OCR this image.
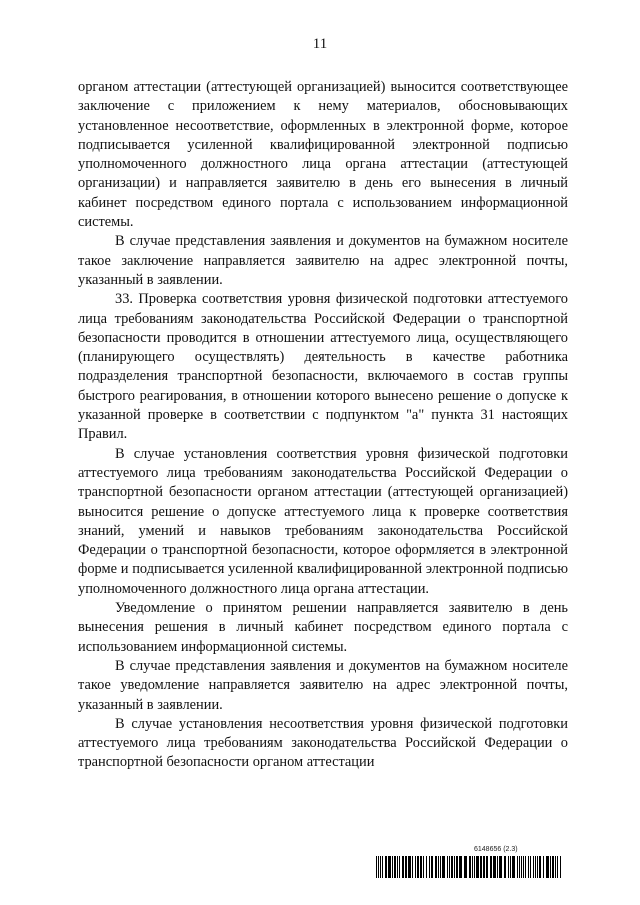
11

органом аттестации (аттестующей организацией) выносится соответствующее заключение с приложением к нему материалов, обосновывающих установленное несоответствие, оформленных в электронной форме, которое подписывается усиленной квалифицированной электронной подписью уполномоченного должностного лица органа аттестации (аттестующей организации) и направляется заявителю в день его вынесения в личный кабинет посредством единого портала с использованием информационной системы.

В случае представления заявления и документов на бумажном носителе такое заключение направляется заявителю на адрес электронной почты, указанный в заявлении.

33. Проверка соответствия уровня физической подготовки аттестуемого лица требованиям законодательства Российской Федерации о транспортной безопасности проводится в отношении аттестуемого лица, осуществляющего (планирующего осуществлять) деятельность в качестве работника подразделения транспортной безопасности, включаемого в состав группы быстрого реагирования, в отношении которого вынесено решение о допуске к указанной проверке в соответствии с подпунктом "а" пункта 31 настоящих Правил.

В случае установления соответствия уровня физической подготовки аттестуемого лица требованиям законодательства Российской Федерации о транспортной безопасности органом аттестации (аттестующей организацией) выносится решение о допуске аттестуемого лица к проверке соответствия знаний, умений и навыков требованиям законодательства Российской Федерации о транспортной безопасности, которое оформляется в электронной форме и подписывается усиленной квалифицированной электронной подписью уполномоченного должностного лица органа аттестации.

Уведомление о принятом решении направляется заявителю в день вынесения решения в личный кабинет посредством единого портала с использованием информационной системы.

В случае представления заявления и документов на бумажном носителе такое уведомление направляется заявителю на адрес электронной почты, указанный в заявлении.

В случае установления несоответствия уровня физической подготовки аттестуемого лица требованиям законодательства Российской Федерации о транспортной безопасности органом аттестации

6148656 (2.3)
